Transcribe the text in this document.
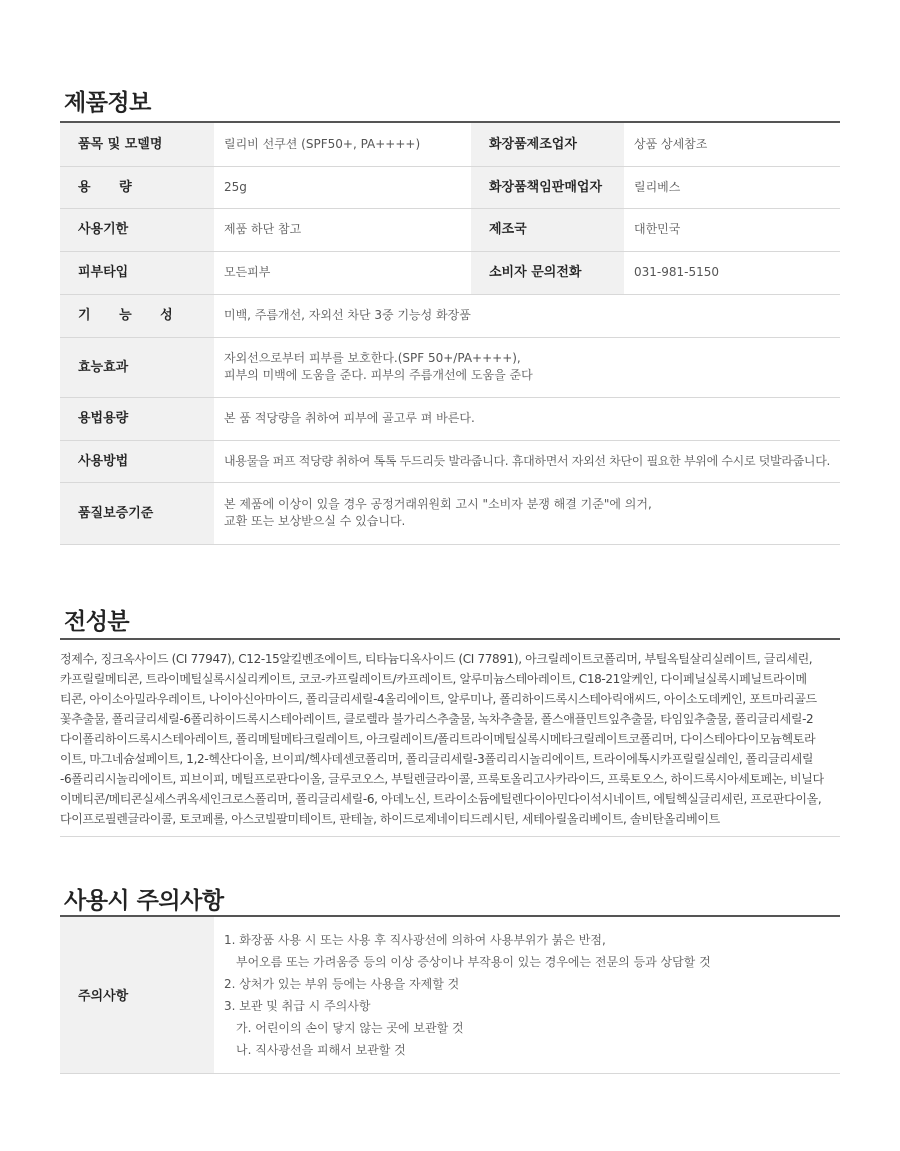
제품정보
품목 및 모델명	릴리비 선쿠션 (SPF50+, PA++++)	화장품제조업자	상품 상세참조
용 량	25g	화장품책임판매업자	릴리베스
사용기한	제품 하단 참고	제조국	대한민국
피부타입	모든피부	소비자 문의전화	031-981-5150
기 능 성	미백, 주름개선, 자외선 차단 3중 기능성 화장품		
효능효과	자외선으로부터 피부를 보호한다.(SPF 50+/PA++++),
피부의 미백에 도움을 준다. 피부의 주름개선에 도움을 준다		

용법용량	본 품 적당량을 취하여 피부에 골고루 펴 바른다.		
사용방법	내용물을 퍼프 적당량 취하여 톡톡 두드리듯 발라줍니다. 휴대하면서 자외선 차단이 필요한 부위에 수시로 덧발라줍니다.		
품질보증기준	본 제품에 이상이 있을 경우 공정거래위원회 고시 "소비자 분쟁 해결 기준"에 의거,
교환 또는 보상받으실 수 있습니다.		
전성분
정제수, 징크옥사이드 (CI 77947), C12-15알킬벤조에이트, 티타늄디옥사이드 (CI 77891), 아크릴레이트코폴리머, 부틸옥틸살리실레이트, 글리세린,
카프릴릴메티콘, 트라이메틸실록시실리케이트, 코코-카프릴레이트/카프레이트, 알루미늄스테아레이트, C18-21알케인, 다이페닐실록시페닐트라이메
티콘, 아이소아밀라우레이트, 나이아신아마이드, 폴리글리세릴-4올리에이트, 알루미나, 폴리하이드록시스테아릭애씨드, 아이소도데케인, 포트마리골드
꽃추출물, 폴리글리세릴-6폴리하이드록시스테아레이트, 클로렐라 불가리스추출물, 녹차추출물, 폴스애플민트잎추출물, 타임잎추출물, 폴리글리세릴-2
다이폴리하이드록시스테아레이트, 폴리메틸메타크릴레이트, 아크릴레이트/폴리트라이메틸실록시메타크릴레이트코폴리머, 다이스테아다이모늄헥토라
이트, 마그네슘설페이트, 1,2-헥산다이올, 브이피/헥사데센코폴리머, 폴리글리세릴-3폴리리시놀리에이트, 트라이에톡시카프릴릴실레인, 폴리글리세릴
-6폴리리시놀리에이트, 피브이피, 메틸프로판다이올, 글루코오스, 부틸렌글라이콜, 프룩토올리고사카라이드, 프룩토오스, 하이드록시아세토페논, 비닐다
이메티콘/메티콘실세스퀴옥세인크로스폴리머, 폴리글리세릴-6, 아데노신, 트라이소듐에틸렌다이아민다이석시네이트, 에틸헥실글리세린, 프로판다이올,
다이프로필렌글라이콜, 토코페롤, 아스코빌팔미테이트, 판테놀, 하이드로제네이티드레시틴, 세테아릴올리베이트, 솔비탄올리베이트
사용시 주의사항
주의사항	
1. 화장품 사용 시 또는 사용 후 직사광선에 의하여 사용부위가 붉은 반점,
부어오름 또는 가려움증 등의 이상 증상이나 부작용이 있는 경우에는 전문의 등과 상담할 것
2. 상처가 있는 부위 등에는 사용을 자제할 것
3. 보관 및 취급 시 주의사항
가. 어린이의 손이 닿지 않는 곳에 보관할 것
나. 직사광선을 피해서 보관할 것
